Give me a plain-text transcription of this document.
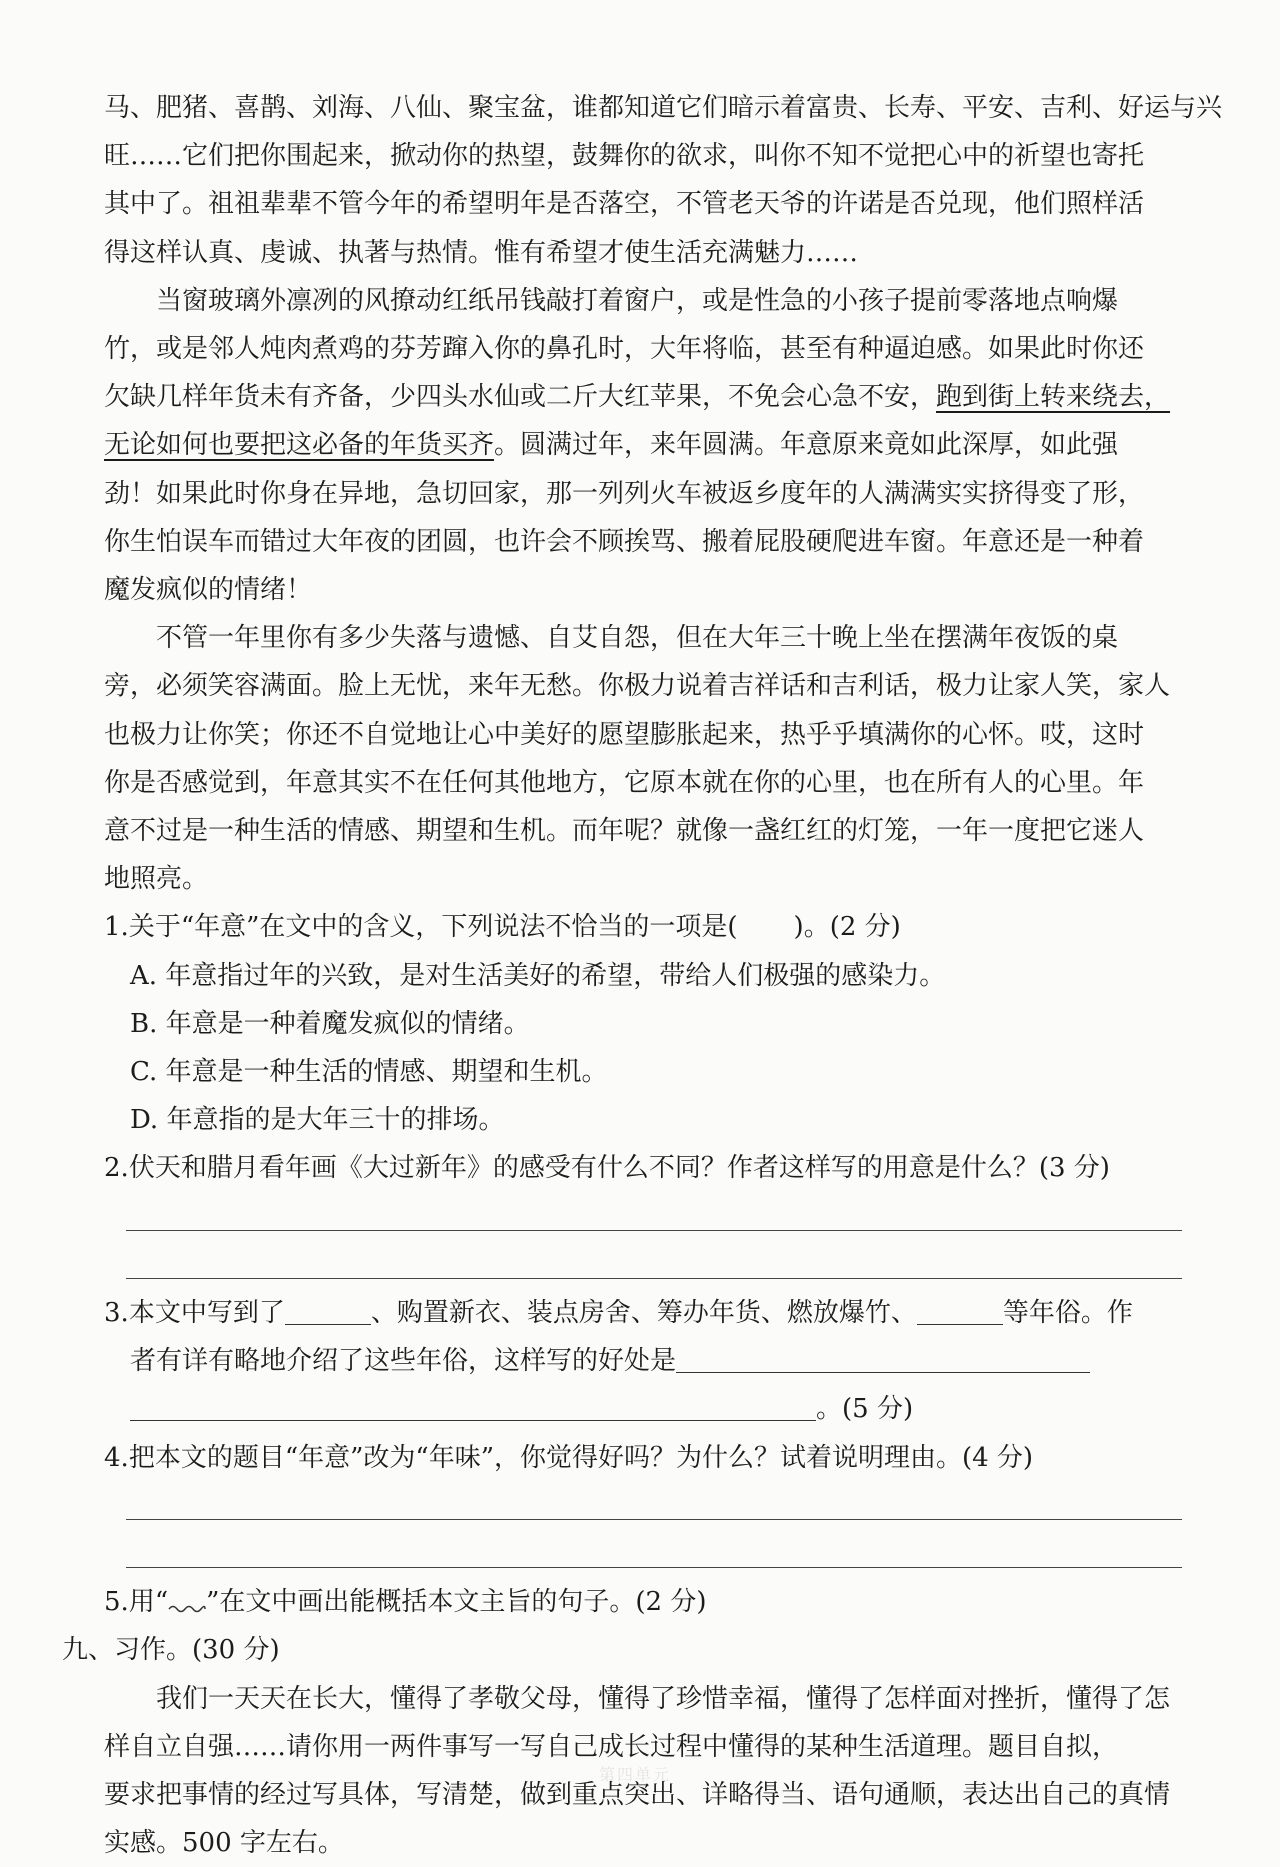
马、肥猪、喜鹊、刘海、八仙、聚宝盆，谁都知道它们暗示着富贵、长寿、平安、吉利、好运与兴
旺……它们把你围起来，掀动你的热望，鼓舞你的欲求，叫你不知不觉把心中的祈望也寄托
其中了。祖祖辈辈不管今年的希望明年是否落空，不管老天爷的许诺是否兑现，他们照样活
得这样认真、虔诚、执著与热情。惟有希望才使生活充满魅力……

当窗玻璃外凛冽的风撩动红纸吊钱敲打着窗户，或是性急的小孩子提前零落地点响爆
竹，或是邻人炖肉煮鸡的芬芳蹿入你的鼻孔时，大年将临，甚至有种逼迫感。如果此时你还
欠缺几样年货未有齐备，少四头水仙或二斤大红苹果，不免会心急不安，跑到街上转来绕去，
无论如何也要把这必备的年货买齐。圆满过年，来年圆满。年意原来竟如此深厚，如此强
劲！如果此时你身在异地，急切回家，那一列列火车被返乡度年的人满满实实挤得变了形，
你生怕误车而错过大年夜的团圆，也许会不顾挨骂、搬着屁股硬爬进车窗。年意还是一种着
魔发疯似的情绪！

不管一年里你有多少失落与遗憾、自艾自怨，但在大年三十晚上坐在摆满年夜饭的桌
旁，必须笑容满面。脸上无忧，来年无愁。你极力说着吉祥话和吉利话，极力让家人笑，家人
也极力让你笑；你还不自觉地让心中美好的愿望膨胀起来，热乎乎填满你的心怀。哎，这时
你是否感觉到，年意其实不在任何其他地方，它原本就在你的心里，也在所有人的心里。年
意不过是一种生活的情感、期望和生机。而年呢？就像一盏红红的灯笼，一年一度把它迷人
地照亮。

1.关于“年意”在文中的含义，下列说法不恰当的一项是( )。(2 分)

A. 年意指过年的兴致，是对生活美好的希望，带给人们极强的感染力。

B. 年意是一种着魔发疯似的情绪。

C. 年意是一种生活的情感、期望和生机。

D. 年意指的是大年三十的排场。

2.伏天和腊月看年画《大过新年》的感受有什么不同？作者这样写的用意是什么？(3 分)

3.本文中写到了	、购置新衣、装点房舍、筹办年货、燃放爆竹、	等年俗。作

者有详有略地介绍了这些年俗，这样写的好处是

。(5 分)

4.把本文的题目“年意”改为“年味”，你觉得好吗？为什么？试着说明理由。(4 分)

5.用“ ”在文中画出能概括本文主旨的句子。(2 分)

九、习作。(30 分)

我们一天天在长大，懂得了孝敬父母，懂得了珍惜幸福，懂得了怎样面对挫折，懂得了怎
样自立自强……请你用一两件事写一写自己成长过程中懂得的某种生活道理。题目自拟，
要求把事情的经过写具体，写清楚，做到重点突出、详略得当、语句通顺，表达出自己的真情
实感。500 字左右。

第四单元
